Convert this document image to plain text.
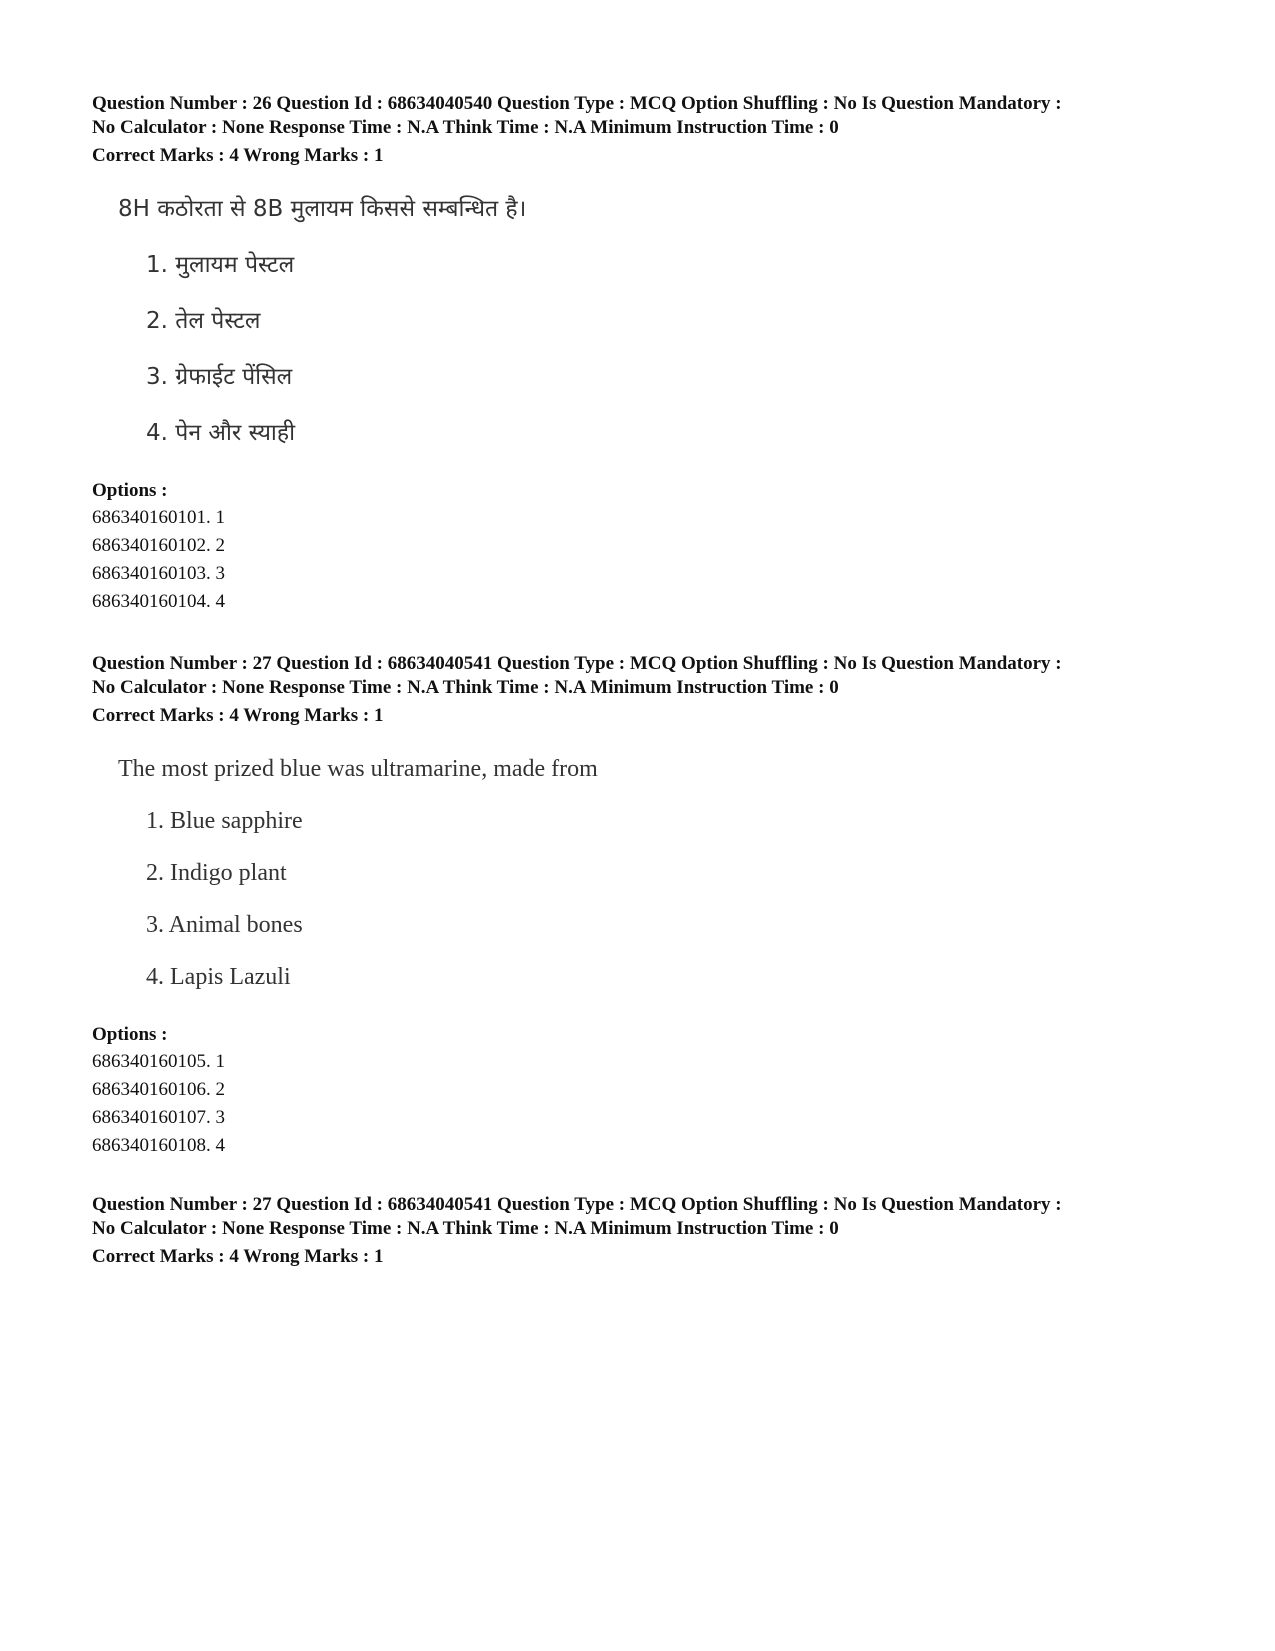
Question Number : 26 Question Id : 68634040540 Question Type : MCQ Option Shuffling : No Is Question Mandatory :

No Calculator : None Response Time : N.A Think Time : N.A Minimum Instruction Time : 0

Correct Marks : 4 Wrong Marks : 1

8H कठोरता से 8B मुलायम किससे सम्बन्धित है।

1. मुलायम पेस्टल
2. तेल पेस्टल
3. ग्रेफाईट पेंसिल
4. पेन और स्याही

Options :

686340160101. 1
686340160102. 2
686340160103. 3
686340160104. 4

Question Number : 27 Question Id : 68634040541 Question Type : MCQ Option Shuffling : No Is Question Mandatory :

No Calculator : None Response Time : N.A Think Time : N.A Minimum Instruction Time : 0

Correct Marks : 4 Wrong Marks : 1

The most prized blue was ultramarine, made from

1. Blue sapphire
2. Indigo plant
3. Animal bones
4. Lapis Lazuli

Options :

686340160105. 1
686340160106. 2
686340160107. 3
686340160108. 4

Question Number : 27 Question Id : 68634040541 Question Type : MCQ Option Shuffling : No Is Question Mandatory :

No Calculator : None Response Time : N.A Think Time : N.A Minimum Instruction Time : 0

Correct Marks : 4 Wrong Marks : 1
